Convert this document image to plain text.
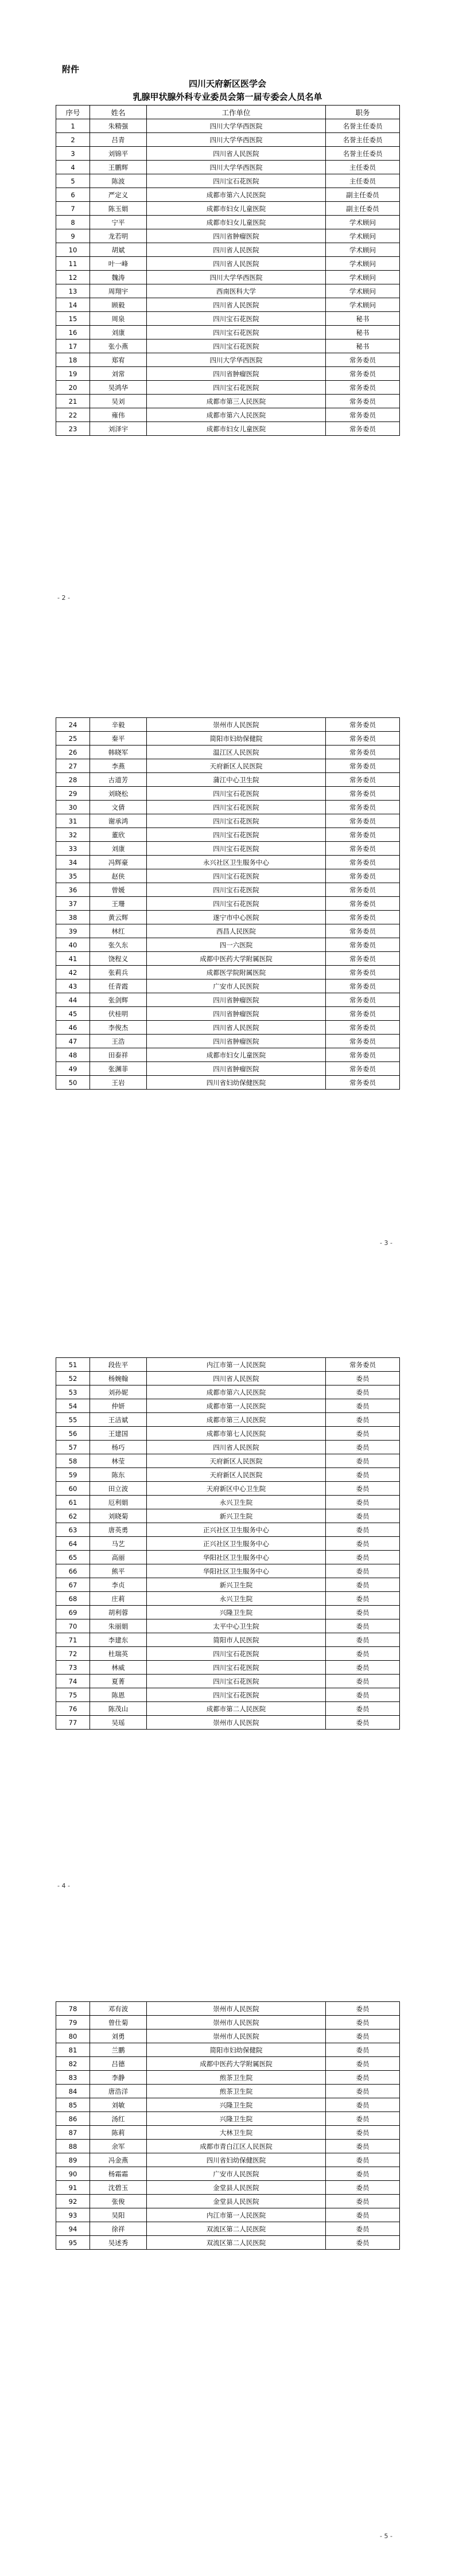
附件
四川天府新区医学会
乳腺甲状腺外科专业委员会第一届专委会人员名单
序号	姓名	工作单位	职务
1	朱精强	四川大学华西医院	名誉主任委员
2	吕青	四川大学华西医院	名誉主任委员
3	刘锦平	四川省人民医院	名誉主任委员
4	王鹏辉	四川大学华西医院	主任委员
5	陈波	四川宝石花医院	主任委员
6	严定义	成都市第六人民医院	副主任委员
7	陈玉娟	成都市妇女儿童医院	副主任委员
8	宁平	成都市妇女儿童医院	学术顾问
9	龙若明	四川省肿瘤医院	学术顾问
10	胡斌	四川省人民医院	学术顾问
11	叶一峰	四川省人民医院	学术顾问
12	魏涛	四川大学华西医院	学术顾问
13	周翔宇	西南医科大学	学术顾问
14	顾毅	四川省人民医院	学术顾问
15	周泉	四川宝石花医院	秘书
16	刘康	四川宝石花医院	秘书
17	张小燕	四川宝石花医院	秘书
18	郑宥	四川大学华西医院	常务委员
19	刘常	四川省肿瘤医院	常务委员
20	吴鸿华	四川宝石花医院	常务委员
21	吴刘	成都市第三人民医院	常务委员
22	雍伟	成都市第六人民医院	常务委员
23	刘泽宇	成都市妇女儿童医院	常务委员
- 2 -
24	辛毅	崇州市人民医院	常务委员
25	秦平	简阳市妇幼保健院	常务委员
26	韩晓军	温江区人民医院	常务委员
27	李燕	天府新区人民医院	常务委员
28	古道芳	蒲江中心卫生院	常务委员
29	刘晓松	四川宝石花医院	常务委员
30	文倩	四川宝石花医院	常务委员
31	谢承鸿	四川宝石花医院	常务委员
32	董欣	四川宝石花医院	常务委员
33	刘康	四川宝石花医院	常务委员
34	冯辉豪	永兴社区卫生服务中心	常务委员
35	赵侠	四川宝石花医院	常务委员
36	曾媛	四川宝石花医院	常务委员
37	王珊	四川宝石花医院	常务委员
38	黄云辉	遂宁市中心医院	常务委员
39	林红	西昌人民医院	常务委员
40	张久东	四一六医院	常务委员
41	饶程义	成都中医药大学附属医院	常务委员
42	张莉兵	成都医学院附属医院	常务委员
43	任青霞	广安市人民医院	常务委员
44	张剑辉	四川省肿瘤医院	常务委员
45	伏桂明	四川省肿瘤医院	常务委员
46	李俊杰	四川省人民医院	常务委员
47	王浩	四川省肿瘤医院	常务委员
48	田泰祥	成都市妇女儿童医院	常务委员
49	张渊菲	四川省肿瘤医院	常务委员
50	王岩	四川省妇幼保健医院	常务委员
- 3 -
51	段佐平	内江市第一人民医院	常务委员
52	杨婉翰	四川省人民医院	委员
53	刘孙妮	成都市第六人民医院	委员
54	仲妍	成都市第一人民医院	委员
55	王洁斌	成都市第三人民医院	委员
56	王建国	成都市第七人民医院	委员
57	杨巧	四川省人民医院	委员
58	林莹	天府新区人民医院	委员
59	陈东	天府新区人民医院	委员
60	田立波	天府新区中心卫生院	委员
61	厄利娟	永兴卫生院	委员
62	刘晓菊	新兴卫生院	委员
63	唐英勇	正兴社区卫生服务中心	委员
64	马艺	正兴社区卫生服务中心	委员
65	高丽	华阳社区卫生服务中心	委员
66	熊平	华阳社区卫生服务中心	委员
67	李贞	新兴卫生院	委员
68	庄莉	永兴卫生院	委员
69	胡利蓉	兴隆卫生院	委员
70	朱丽娟	太平中心卫生院	委员
71	李建东	简阳市人民医院	委员
72	杜瑞英	四川宝石花医院	委员
73	林威	四川宝石花医院	委员
74	夏菁	四川宝石花医院	委员
75	陈恩	四川宝石花医院	委员
76	陈茂山	成都市第二人民医院	委员
77	吴瑶	崇州市人民医院	委员
- 4 -
78	邓有波	崇州市人民医院	委员
79	曾仕菊	崇州市人民医院	委员
80	刘勇	崇州市人民医院	委员
81	兰鹏	简阳市妇幼保健院	委员
82	吕德	成都中医药大学附属医院	委员
83	李静	煎茶卫生院	委员
84	唐浩洋	煎茶卫生院	委员
85	刘敏	兴隆卫生院	委员
86	汤红	兴隆卫生院	委员
87	陈莉	大林卫生院	委员
88	余军	成都市青白江区人民医院	委员
89	冯金燕	四川省妇幼保健医院	委员
90	杨霜霜	广安市人民医院	委员
91	沈碧玉	金堂县人民医院	委员
92	张俊	金堂县人民医院	委员
93	吴阳	内江市第一人民医院	委员
94	徐祥	双流区第二人民医院	委员
95	吴述秀	双流区第二人民医院	委员
- 5 -
